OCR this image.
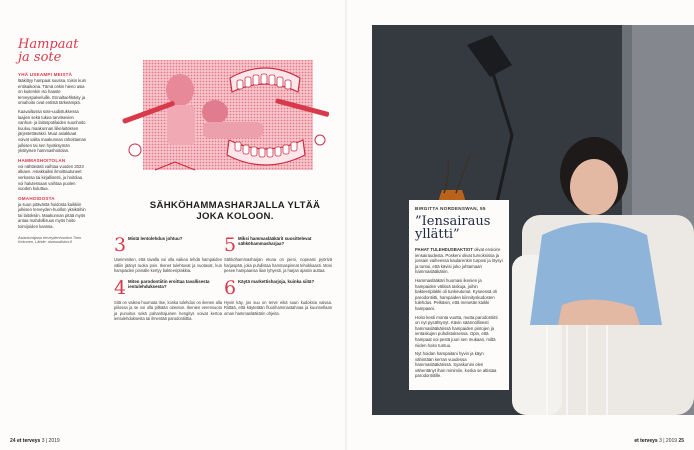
Hampaat ja sote
YHÄ USEAMPI MEISTÄ

lääkittyy hampaat suussa, toisin kuin entisaikoina. Tämä onkin hieno asia on kuitenkin iso haaste terveyspalveluille. Ennaltaehkäisy ja omahoito ovat entistä tärkeämpiä.

Kaavailtussa sote-uudistuksessa laajien sekä tukea tarvitsevien vanhus- ja laitospotilaiden suunhoito kuuluu maakunnan liikelaitoksen järjestettäväksi. Muut asiakkaat voivat valita maakunnan rahoittaman julkisen tai sen hyväksymän yksityisen hammashoitolan.

HAMMASHOITOLAN

voi nähtävästi vaihtaa vuoden 2023 alkaen. Asiakkaiksi ilmoittautuneet verkossa tai kirjallisesti, ja hoitolaa voi halutessaan vaihtaa puolen vuoden kuluttua.

OMAHOIDOSTA

ja suun pitävästä hoidosta kaikkiin julkisen terveyden-huollon yksiköihin tai laitoksiin. Maakunnan pitää myös antaa mahdollisuus myös hoito toimijoiden kanssa.

Asiantuntijana terveydenhuollon Timo Kekonen, Lähde: alueuudistus.fi
SÄHKÖHAMMASHARJALLA YLTÄÄ JOKA KOLOON.
3 Mistä lentolehdus johtuu?

Useimmiten, että tavalla voi olla vaikea tehdä hampaiden väliin jäänyt ruoka pois. Ikenet tulehtuvat ja vuotavat, kun hampaiden pinnalle kertyy bakteeriplakkia.

4 Miten parodontiitin eroittaa tavallisesta ientulehduksesta?

Sitä on vaikea huomata itse, koska tulehdus on ikenen alla piilossa ja se voi olla pitkään oireeton. Ikenien verenvuoto ja punoitus sekä pahanhajuinen hengitys voivat kertoa ientulehduksesta tai ilmentää parodontiittia.

5 Miksi hammaslääkärit suosittelevat sähköhammasharjaa?

Sähköhammasharjan etuna on pieni, nopeasti pyörivä harjaspää, joka puhdistaa hammaspinnat tehokkaasti. Moni pesee hampaansa liian lyhyesti, ja harjan ajastin auttaa.

6 Käytä markettisharjoja, kuinka siitä?

Hyvin käy, jos suu on terve eikä suun kudoksia vaivaa. Riittää, että käytetään fluorihammastahnaa ja kuunnellaan oman hammaslääkärin ohjeita.

24 et terveys 3 | 2019
BIRGITTA NORDENSWAN, 55
”Iensairaus yllätti”

PAHAT TULEHDUSBAKTIOT olivat ensioire iensairaudesta. Poskeni olivat turvoksissa ja jossain vaiheessa kaularenkin turposi ja löysyi ja tuntui, että kävisi joko johtamaan hammaslääkäriin.

Hammaslääkäri huomasi ikenien ja hampaiden välissä taskuja, joihin bakteeriplakki oli tunkeutunut. Kyseessä oli parodontiitti, hampaiden kiinnityskudosten tulehdus. Pelkäsin, että menetän kaikki hampaani.

Hoito kesti monta vuotta, mutta parodontiitti on nyt pysähtynyt. Kävin säännöllisesti hammaslääkärissä hampaiden pintojen ja ientaskujen puhdistuksessa. Opin, että hampaat voi pestä juuri sen mukaan, miltä niiden hoito tuntuu.

Nyt hoidan hampaitani hyvin ja käyn vähintään kerran vuodessa hammaslääkärissä. Syaskonini olen vähentänyt ihan minimiin, koska se altistaa parodontiitille.

et terveys 3 | 2019 25
